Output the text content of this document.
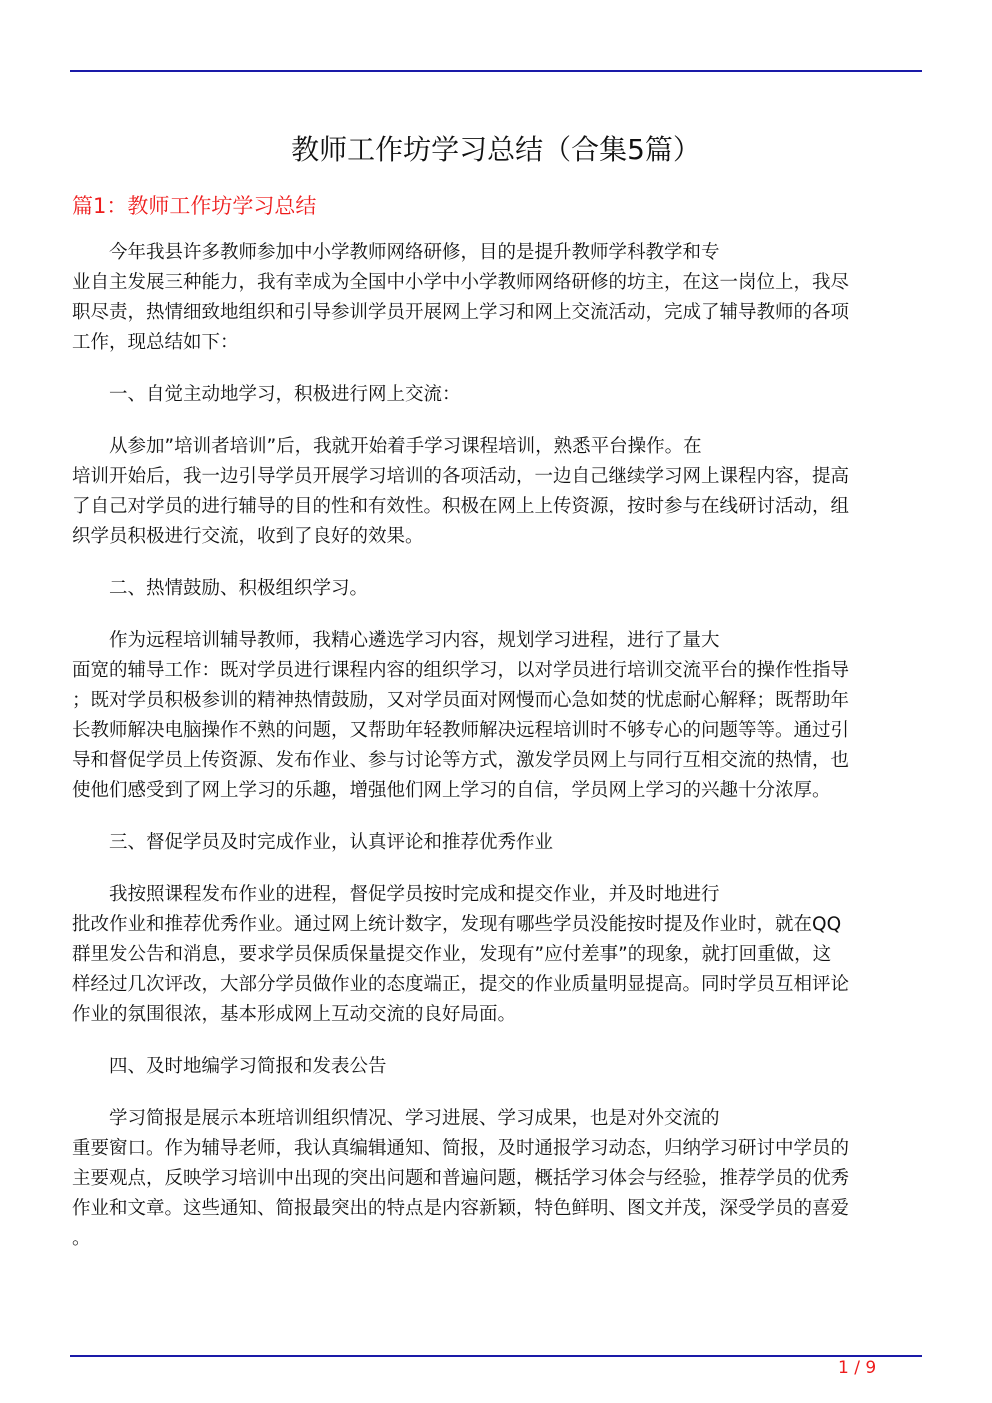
教师工作坊学习总结（合集5篇）
篇1：教师工作坊学习总结
今年我县许多教师参加中小学教师网络研修，目的是提升教师学科教学和专
业自主发展三种能力，我有幸成为全国中小学中小学教师网络研修的坊主，在这一岗位上，我尽
职尽责，热情细致地组织和引导参训学员开展网上学习和网上交流活动，完成了辅导教师的各项
工作，现总结如下：
一、自觉主动地学习，积极进行网上交流：
从参加”培训者培训”后，我就开始着手学习课程培训，熟悉平台操作。在
培训开始后，我一边引导学员开展学习培训的各项活动，一边自己继续学习网上课程内容，提高
了自己对学员的进行辅导的目的性和有效性。积极在网上上传资源，按时参与在线研讨活动，组
织学员积极进行交流，收到了良好的效果。
二、热情鼓励、积极组织学习。
作为远程培训辅导教师，我精心遴选学习内容，规划学习进程，进行了量大
面宽的辅导工作：既对学员进行课程内容的组织学习，以对学员进行培训交流平台的操作性指导
；既对学员积极参训的精神热情鼓励，又对学员面对网慢而心急如焚的忧虑耐心解释；既帮助年
长教师解决电脑操作不熟的问题，又帮助年轻教师解决远程培训时不够专心的问题等等。通过引
导和督促学员上传资源、发布作业、参与讨论等方式，激发学员网上与同行互相交流的热情，也
使他们感受到了网上学习的乐趣，增强他们网上学习的自信，学员网上学习的兴趣十分浓厚。
三、督促学员及时完成作业，认真评论和推荐优秀作业
我按照课程发布作业的进程，督促学员按时完成和提交作业，并及时地进行
批改作业和推荐优秀作业。通过网上统计数字，发现有哪些学员没能按时提及作业时，就在QQ
群里发公告和消息，要求学员保质保量提交作业，发现有”应付差事”的现象，就打回重做，这
样经过几次评改，大部分学员做作业的态度端正，提交的作业质量明显提高。同时学员互相评论
作业的氛围很浓，基本形成网上互动交流的良好局面。
四、及时地编学习简报和发表公告
学习简报是展示本班培训组织情况、学习进展、学习成果，也是对外交流的
重要窗口。作为辅导老师，我认真编辑通知、简报，及时通报学习动态，归纳学习研讨中学员的
主要观点，反映学习培训中出现的突出问题和普遍问题，概括学习体会与经验，推荐学员的优秀
作业和文章。这些通知、简报最突出的特点是内容新颖，特色鲜明、图文并茂，深受学员的喜爱
。
1 / 9
